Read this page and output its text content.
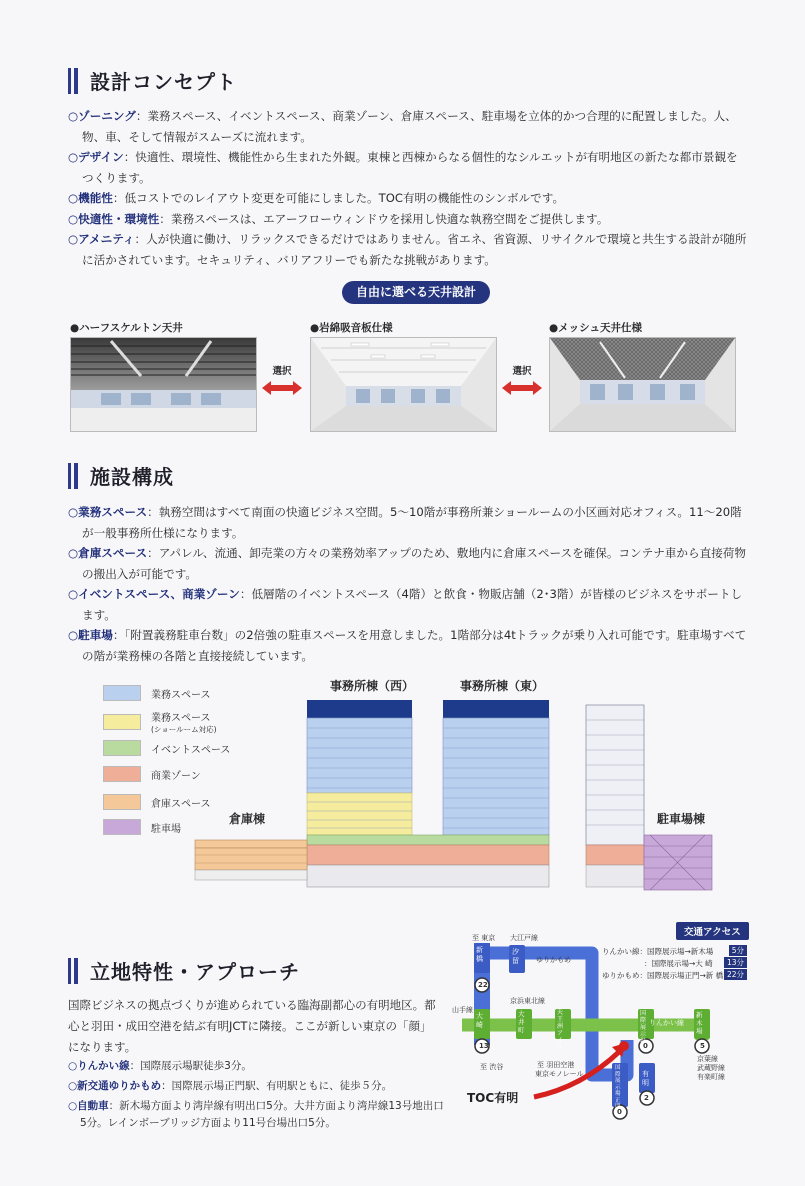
設計コンセプト
○ゾーニング：業務スペース、イベントスペース、商業ゾーン、倉庫スペース、駐車場を立体的かつ合理的に配置しました。人、物、車、そして情報がスムーズに流れます。
○デザイン：快適性、環境性、機能性から生まれた外観。東棟と西棟からなる個性的なシルエットが有明地区の新たな都市景観をつくります。
○機能性：低コストでのレイアウト変更を可能にしました。TOC有明の機能性のシンボルです。
○快適性・環境性：業務スペースは、エアーフローウィンドウを採用し快適な執務空間をご提供します。
○アメニティ：人が快適に働け、リラックスできるだけではありません。省エネ、省資源、リサイクルで環境と共生する設計が随所に活かされています。セキュリティ、バリアフリーでも新たな挑戦があります。
自由に選べる天井設計
●ハーフスケルトン天井	●岩綿吸音板仕様	●メッシュ天井仕様
選択	選択
施設構成
○業務スペース：執務空間はすべて南面の快適ビジネス空間。5〜10階が事務所兼ショールームの小区画対応オフィス。11〜20階が一般事務所仕様になります。
○倉庫スペース：アパレル、流通、卸売業の方々の業務効率アップのため、敷地内に倉庫スペースを確保。コンテナ車から直接荷物の搬出入が可能です。
○イベントスペース、商業ゾーン：低層階のイベントスペース（4階）と飲食・物販店舗（2･3階）が皆様のビジネスをサポートします。
○駐車場：「附置義務駐車台数」の2倍強の駐車スペースを用意しました。1階部分は4tトラックが乗り入れ可能です。駐車場すべての階が業務棟の各階と直接接続しています。
業務スペース
業務スペース
(ショールーム対応)
イベントスペース
商業ゾーン
倉庫スペース
駐車場
事務所棟（西）	事務所棟（東）
倉庫棟	駐車場棟
立地特性・アプローチ
国際ビジネスの拠点づくりが進められている臨海副都心の有明地区。都心と羽田・成田空港を結ぶ有明JCTに隣接。ここが新しい東京の「顔」になります。
○りんかい線：国際展示場駅徒歩3分。
○新交通ゆりかもめ：国際展示場正門駅、有明駅ともに、徒歩５分。
○自動車：新木場方面より湾岸線有明出口5分。大井方面より湾岸線13号地出口5分。レインボーブリッジ方面より11号台場出口5分。
交通アクセス
りんかい線：国際展示場→新木場	5分
：国際展示場→大 崎	13分
ゆりかもめ：国際展示場正門→新 橋 22分
至 東京 大江戸線
ゆりかもめ
新橋
汐留
22
山手線
京浜東北線
大崎
大井町
天王洲アイル
国際展示場
新木場
りんかい線
13	0	5
至 渋谷	至 羽田空港
東京モノレール
国際展示場正門
有明
2
0
京葉線
武蔵野線
有楽町線
TOC有明
